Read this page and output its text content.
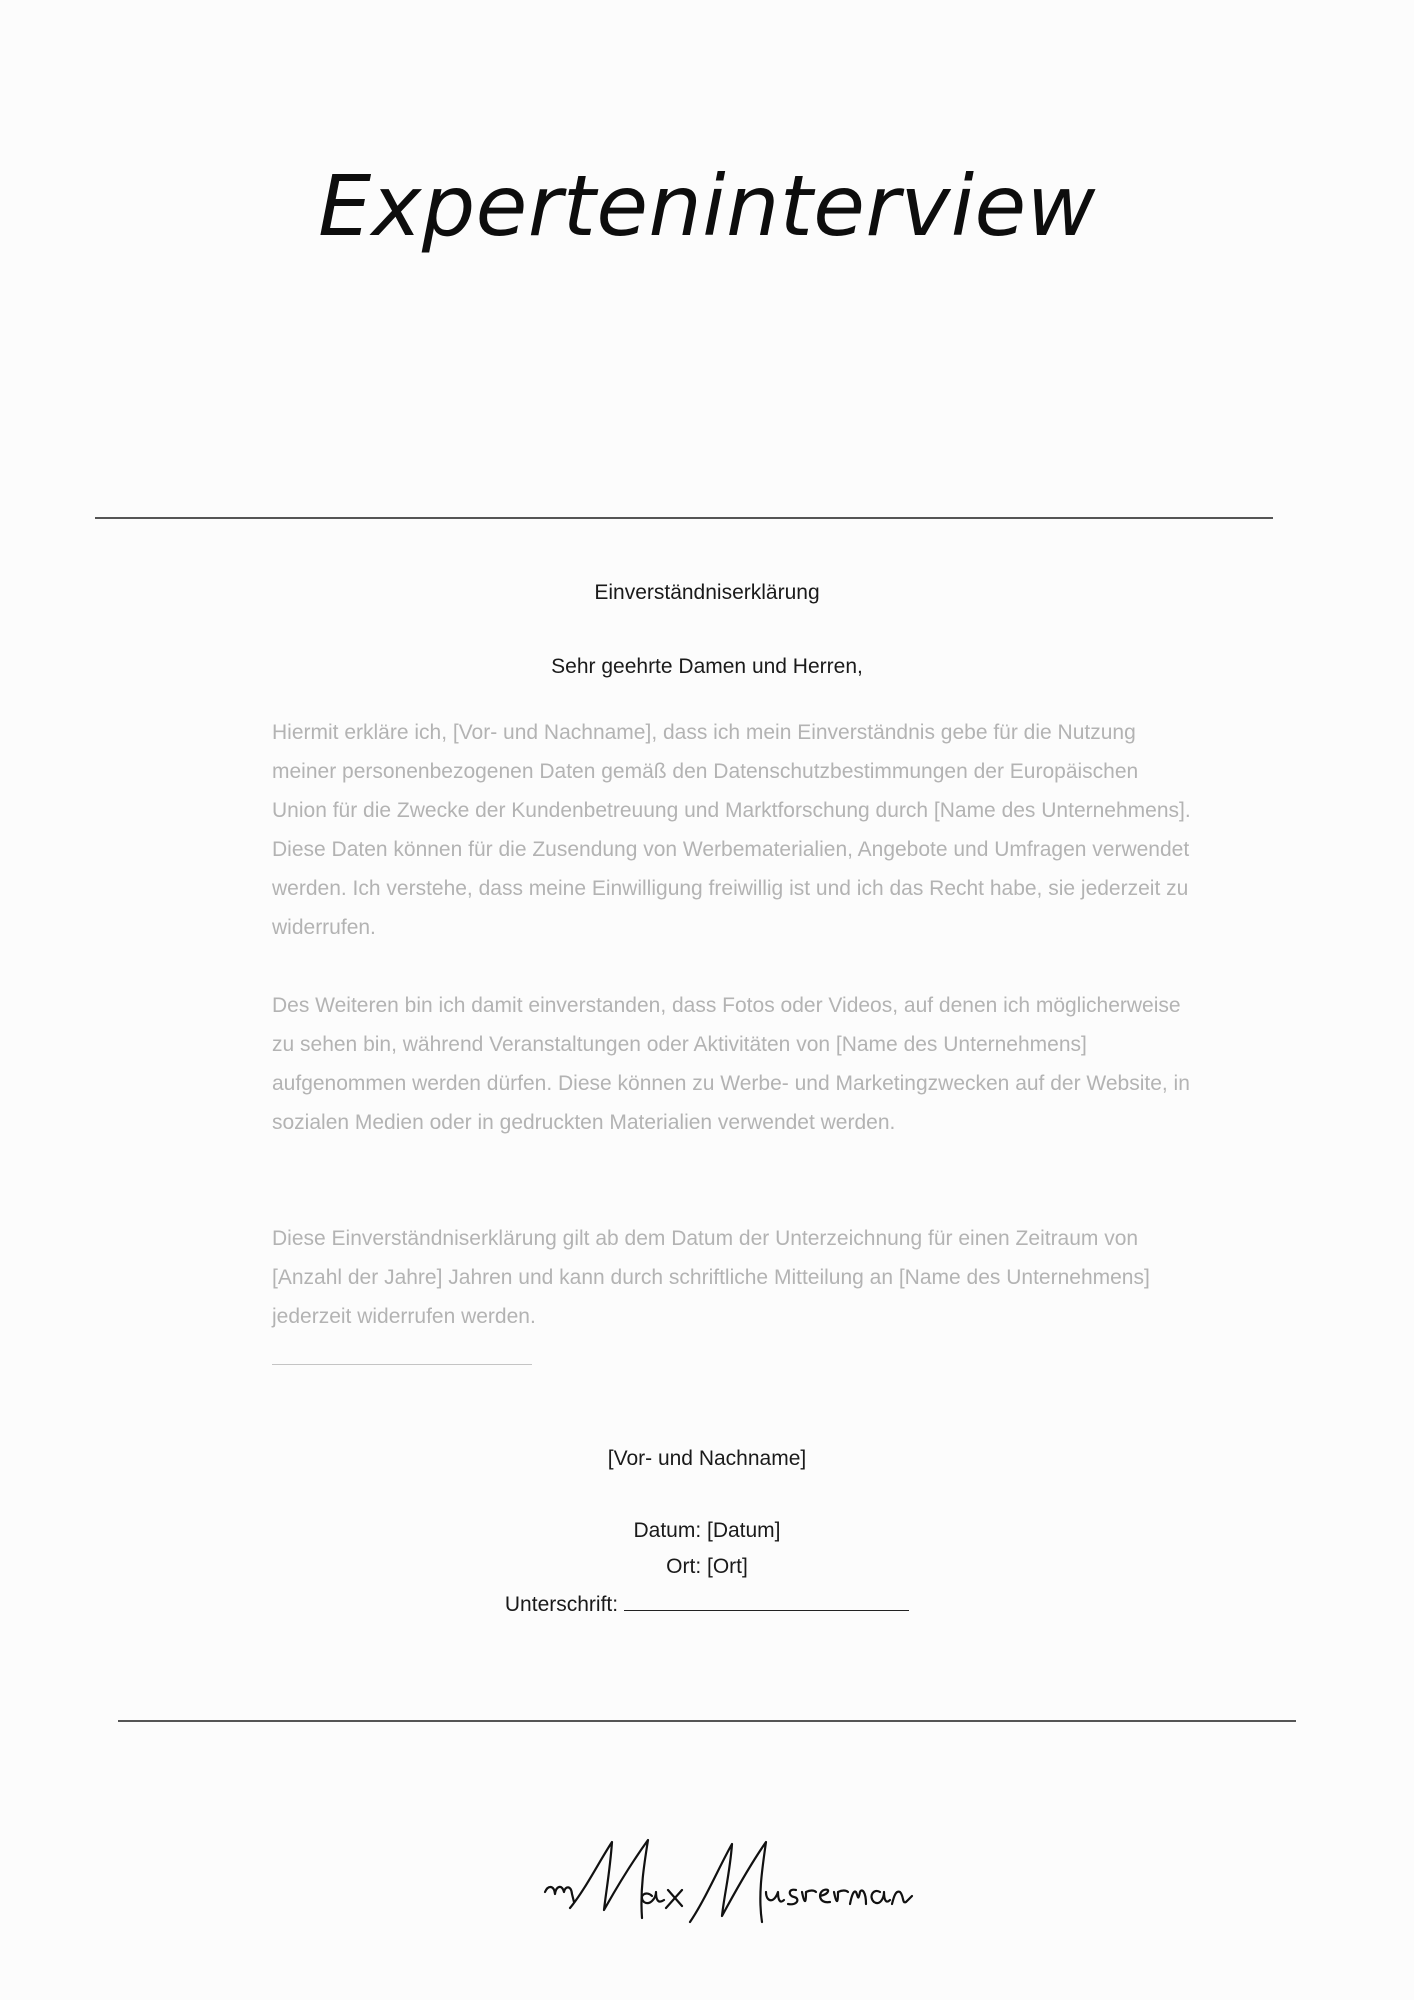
Experteninterview
Einverständniserklärung
Sehr geehrte Damen und Herren,

Hiermit erkläre ich, [Vor- und Nachname], dass ich mein Einverständnis gebe für die Nutzung meiner personenbezogenen Daten gemäß den Datenschutzbestimmungen der Europäischen Union für die Zwecke der Kundenbetreuung und Marktforschung durch [Name des Unternehmens]. Diese Daten können für die Zusendung von Werbematerialien, Angebote und Umfragen verwendet werden. Ich verstehe, dass meine Einwilligung freiwillig ist und ich das Recht habe, sie jederzeit zu widerrufen.

Des Weiteren bin ich damit einverstanden, dass Fotos oder Videos, auf denen ich möglicherweise zu sehen bin, während Veranstaltungen oder Aktivitäten von [Name des Unternehmens] aufgenommen werden dürfen. Diese können zu Werbe- und Marketingzwecken auf der Website, in sozialen Medien oder in gedruckten Materialien verwendet werden.

Diese Einverständniserklärung gilt ab dem Datum der Unterzeichnung für einen Zeitraum von [Anzahl der Jahre] Jahren und kann durch schriftliche Mitteilung an [Name des Unternehmens] jederzeit widerrufen werden.

[Vor- und Nachname]
Datum: [Datum]
Ort: [Ort]
Unterschrift:
